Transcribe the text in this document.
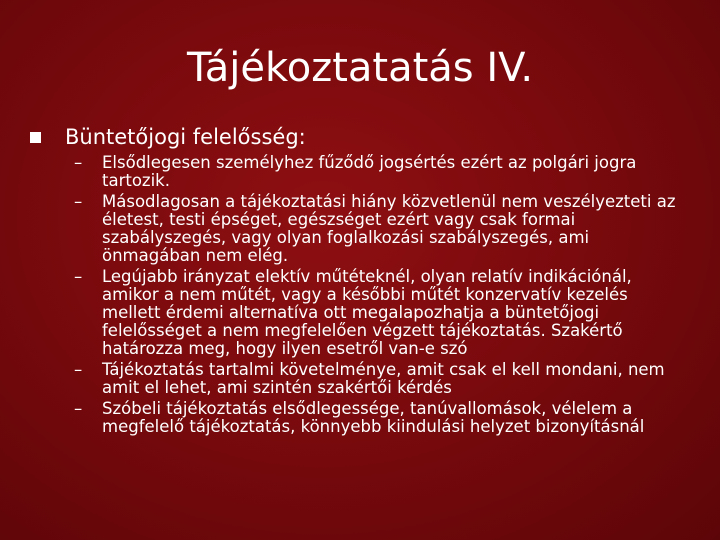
Tájékoztatatás IV.
Büntetőjogi felelősség:
–	Elsődlegesen személyhez fűződő jogsértés ezért az polgári jogra tartozik.
–	Másodlagosan a tájékoztatási hiány közvetlenül nem veszélyezteti az életest, testi épséget, egészséget ezért vagy csak formai szabályszegés, vagy olyan foglalkozási szabályszegés, ami önmagában nem elég.
–	Legújabb irányzat elektív műtéteknél, olyan relatív indikációnál, amikor a nem műtét, vagy a későbbi műtét konzervatív kezelés mellett érdemi alternatíva ott megalapozhatja a büntetőjogi felelősséget a nem megfelelően végzett tájékoztatás. Szakértő határozza meg, hogy ilyen esetről van-e szó
–	Tájékoztatás tartalmi követelménye, amit csak el kell mondani, nem amit el lehet, ami szintén szakértői kérdés
–	Szóbeli tájékoztatás elsődlegessége, tanúvallomások, vélelem a megfelelő tájékoztatás, könnyebb kiindulási helyzet bizonyításnál
